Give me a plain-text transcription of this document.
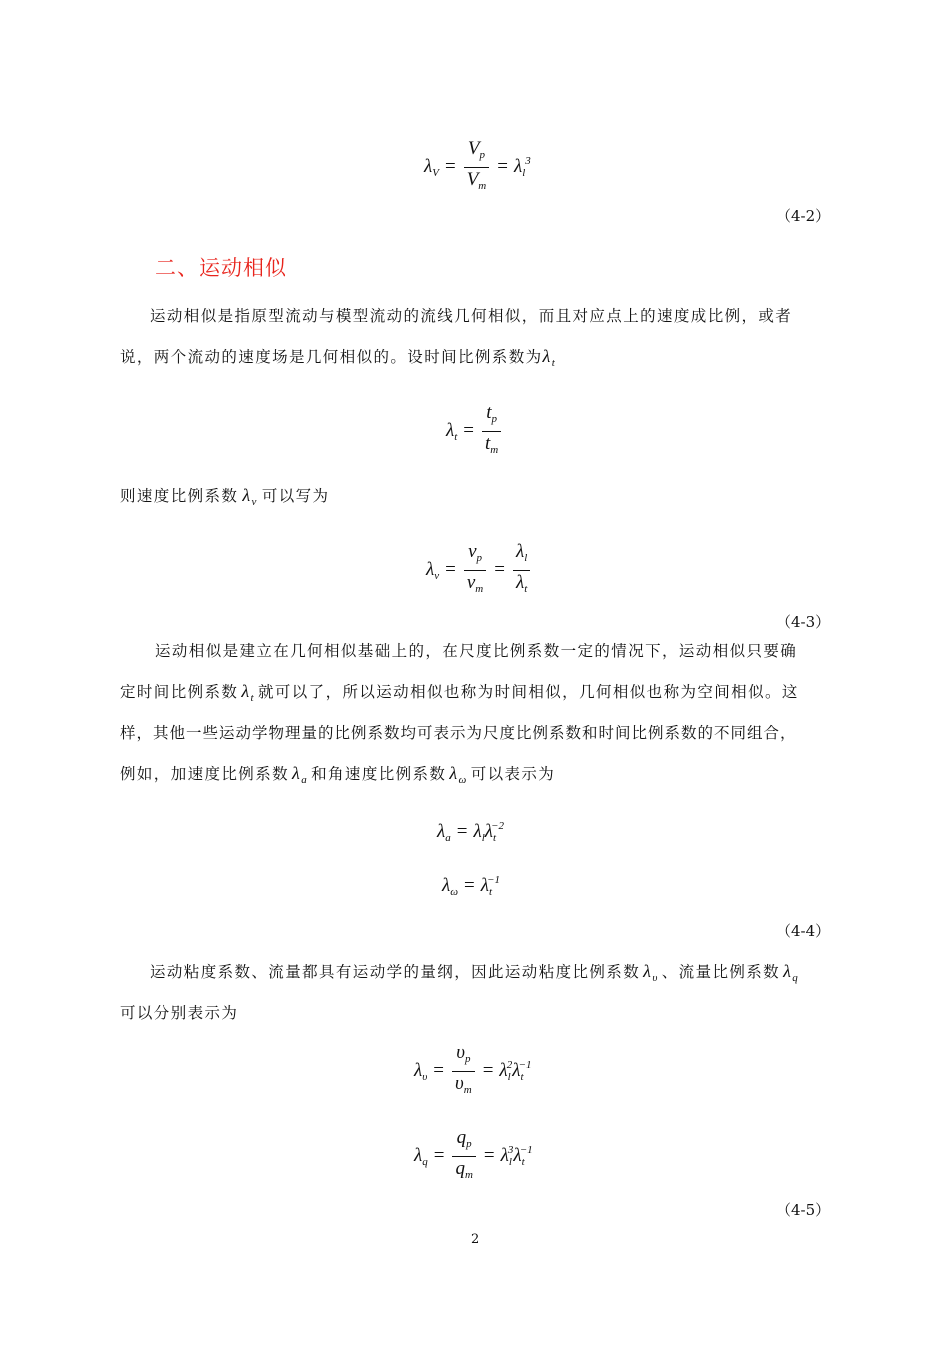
$\lambda_V = \frac{V_p}{V_m} = \lambda_l^3$
（4-2）
二、运动相似
运动相似是指原型流动与模型流动的流线几何相似，而且对应点上的速度成比例，或者
说，两个流动的速度场是几何相似的。设时间比例系数为$\lambda_t$
$\lambda_t = \frac{t_p}{t_m}$
则速度比例系数 $\lambda_v$ 可以写为
$\lambda_v = \frac{v_p}{v_m} = \frac{\lambda_l}{\lambda_t}$
（4-3）
运动相似是建立在几何相似基础上的，在尺度比例系数一定的情况下，运动相似只要确
定时间比例系数 $\lambda_t$ 就可以了，所以运动相似也称为时间相似，几何相似也称为空间相似。这
样，其他一些运动学物理量的比例系数均可表示为尺度比例系数和时间比例系数的不同组合，
例如，加速度比例系数 $\lambda_a$ 和角速度比例系数 $\lambda_\omega$ 可以表示为
$\lambda_a = \lambda_l\lambda_t^{-2}$
$\lambda_\omega = \lambda_t^{-1}$
（4-4）
运动粘度系数、流量都具有运动学的量纲，因此运动粘度比例系数 $\lambda_\upsilon$ 、流量比例系数 $\lambda_q$
可以分别表示为
$\lambda_\upsilon = \frac{\upsilon_p}{\upsilon_m} = \lambda_l^2\lambda_t^{-1}$
$\lambda_q = \frac{q_p}{q_m} = \lambda_l^3\lambda_t^{-1}$
（4-5）
2
